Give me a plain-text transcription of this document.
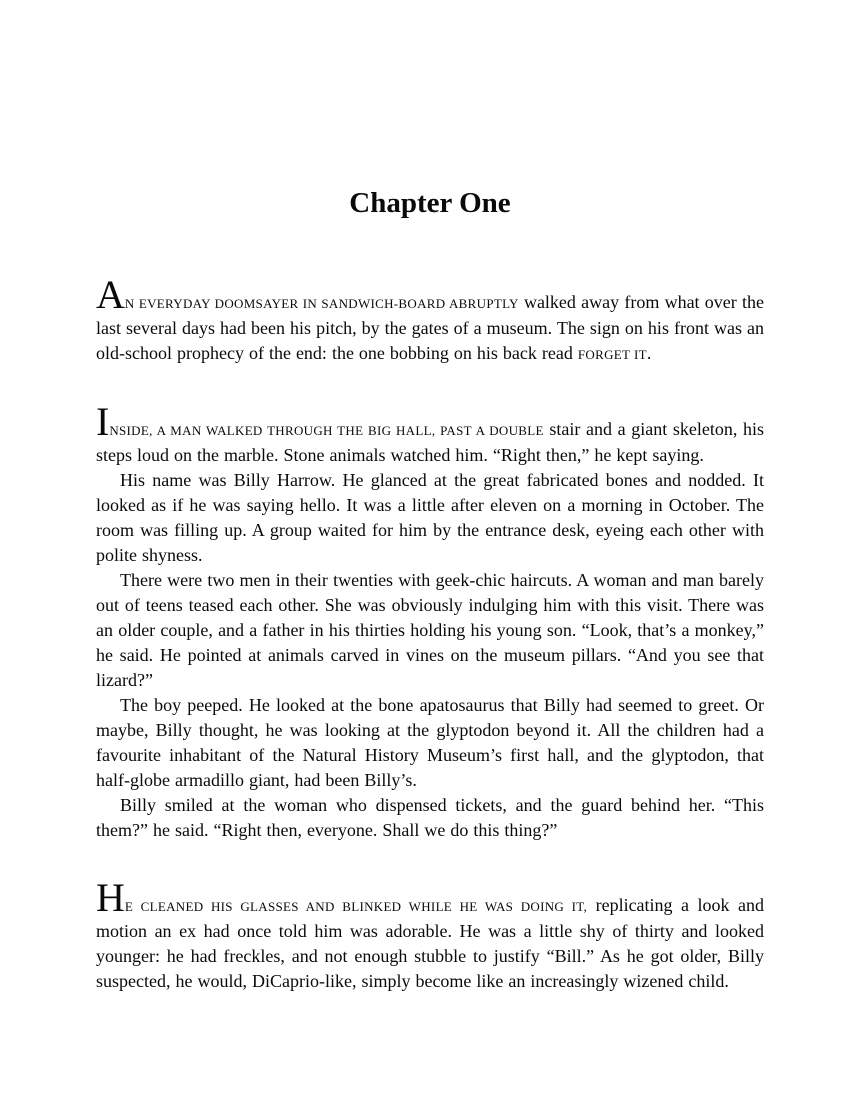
Chapter One

AN EVERYDAY DOOMSAYER IN SANDWICH-BOARD ABRUPTLY walked away from what over the last several days had been his pitch, by the gates of a museum. The sign on his front was an old-school prophecy of the end: the one bobbing on his back read FORGET IT.

INSIDE, A MAN WALKED THROUGH THE BIG HALL, PAST A DOUBLE stair and a giant skeleton, his steps loud on the marble. Stone animals watched him. “Right then,” he kept saying.

His name was Billy Harrow. He glanced at the great fabricated bones and nodded. It looked as if he was saying hello. It was a little after eleven on a morning in October. The room was filling up. A group waited for him by the entrance desk, eyeing each other with polite shyness.

There were two men in their twenties with geek-chic haircuts. A woman and man barely out of teens teased each other. She was obviously indulging him with this visit. There was an older couple, and a father in his thirties holding his young son. “Look, that’s a monkey,” he said. He pointed at animals carved in vines on the museum pillars. “And you see that lizard?”

The boy peeped. He looked at the bone apatosaurus that Billy had seemed to greet. Or maybe, Billy thought, he was looking at the glyptodon beyond it. All the children had a favourite inhabitant of the Natural History Museum’s first hall, and the glyptodon, that half-globe armadillo giant, had been Billy’s.

Billy smiled at the woman who dispensed tickets, and the guard behind her. “This them?” he said. “Right then, everyone. Shall we do this thing?”

HE CLEANED HIS GLASSES AND BLINKED WHILE HE WAS DOING IT, replicating a look and motion an ex had once told him was adorable. He was a little shy of thirty and looked younger: he had freckles, and not enough stubble to justify “Bill.” As he got older, Billy suspected, he would, DiCaprio-like, simply become like an increasingly wizened child.
